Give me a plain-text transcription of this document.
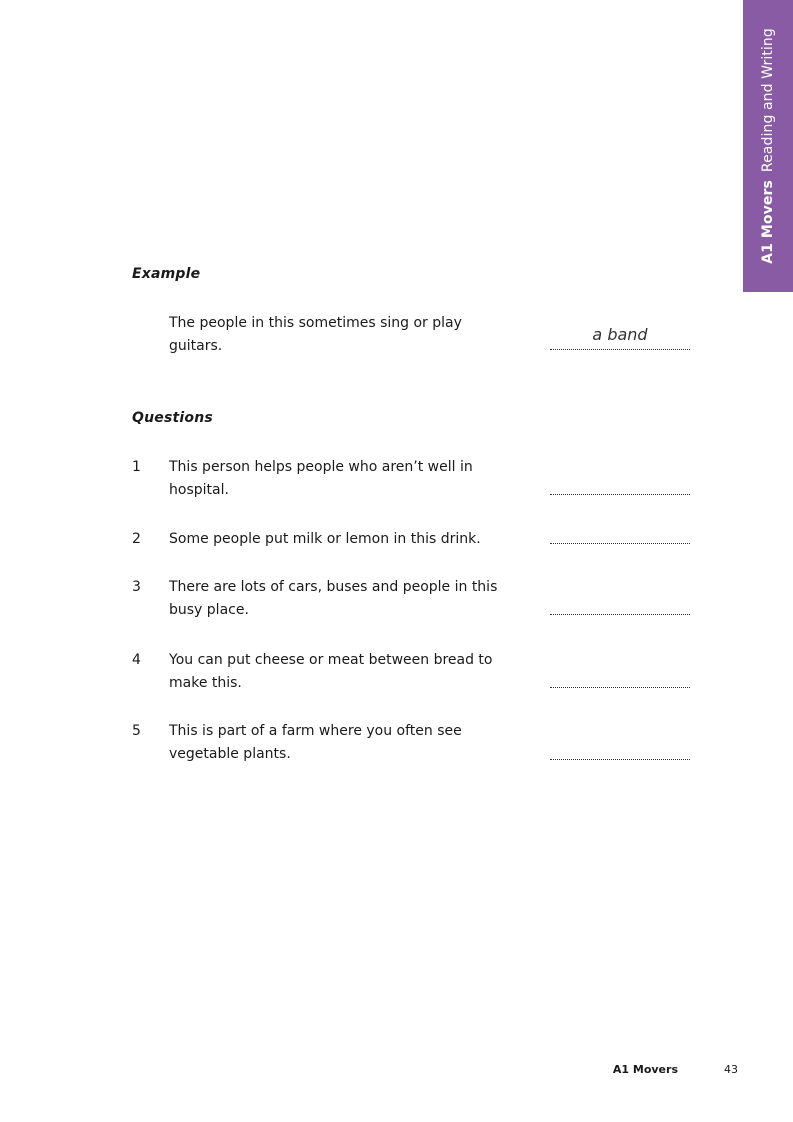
A1 MoversReading and Writing
Example
The people in this sometimes sing or play guitars.
a band
Questions
1 This person helps people who aren’t well in hospital.
2 Some people put milk or lemon in this drink.
3 There are lots of cars, buses and people in this busy place.
4 You can put cheese or meat between bread to make this.
5 This is part of a farm where you often see vegetable plants.
A1 Movers	43
